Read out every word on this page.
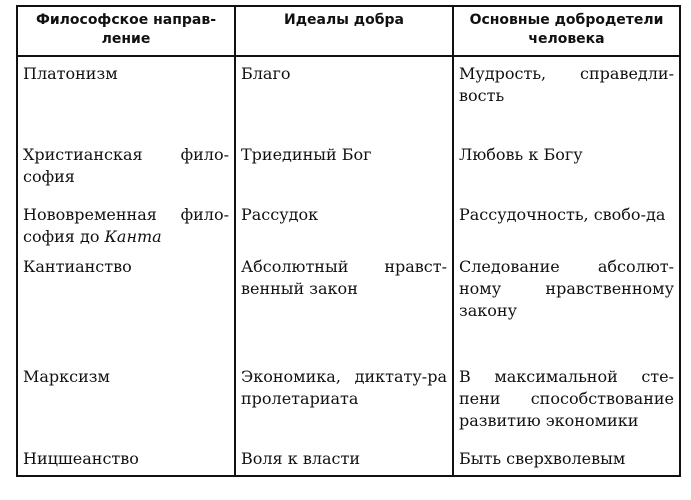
Философское направ-ление	Идеалы добра	Основные добродетели человека
Платонизм	Благо	Мудрость, справедли-вость
Христианская фило-софия	Триединый Бог	Любовь к Богу
Нововременная фило-софия до Канта	Рассудок	Рассудочность, свобо-да
Кантианство	Абсолютный нравст-венный закон	Следование абсолют-ному нравственному закону
Марксизм	Экономика, диктату-ра пролетариата	В максимальной сте-пени способствование развитию экономики
Ницшеанство	Воля к власти	Быть сверхволевым
